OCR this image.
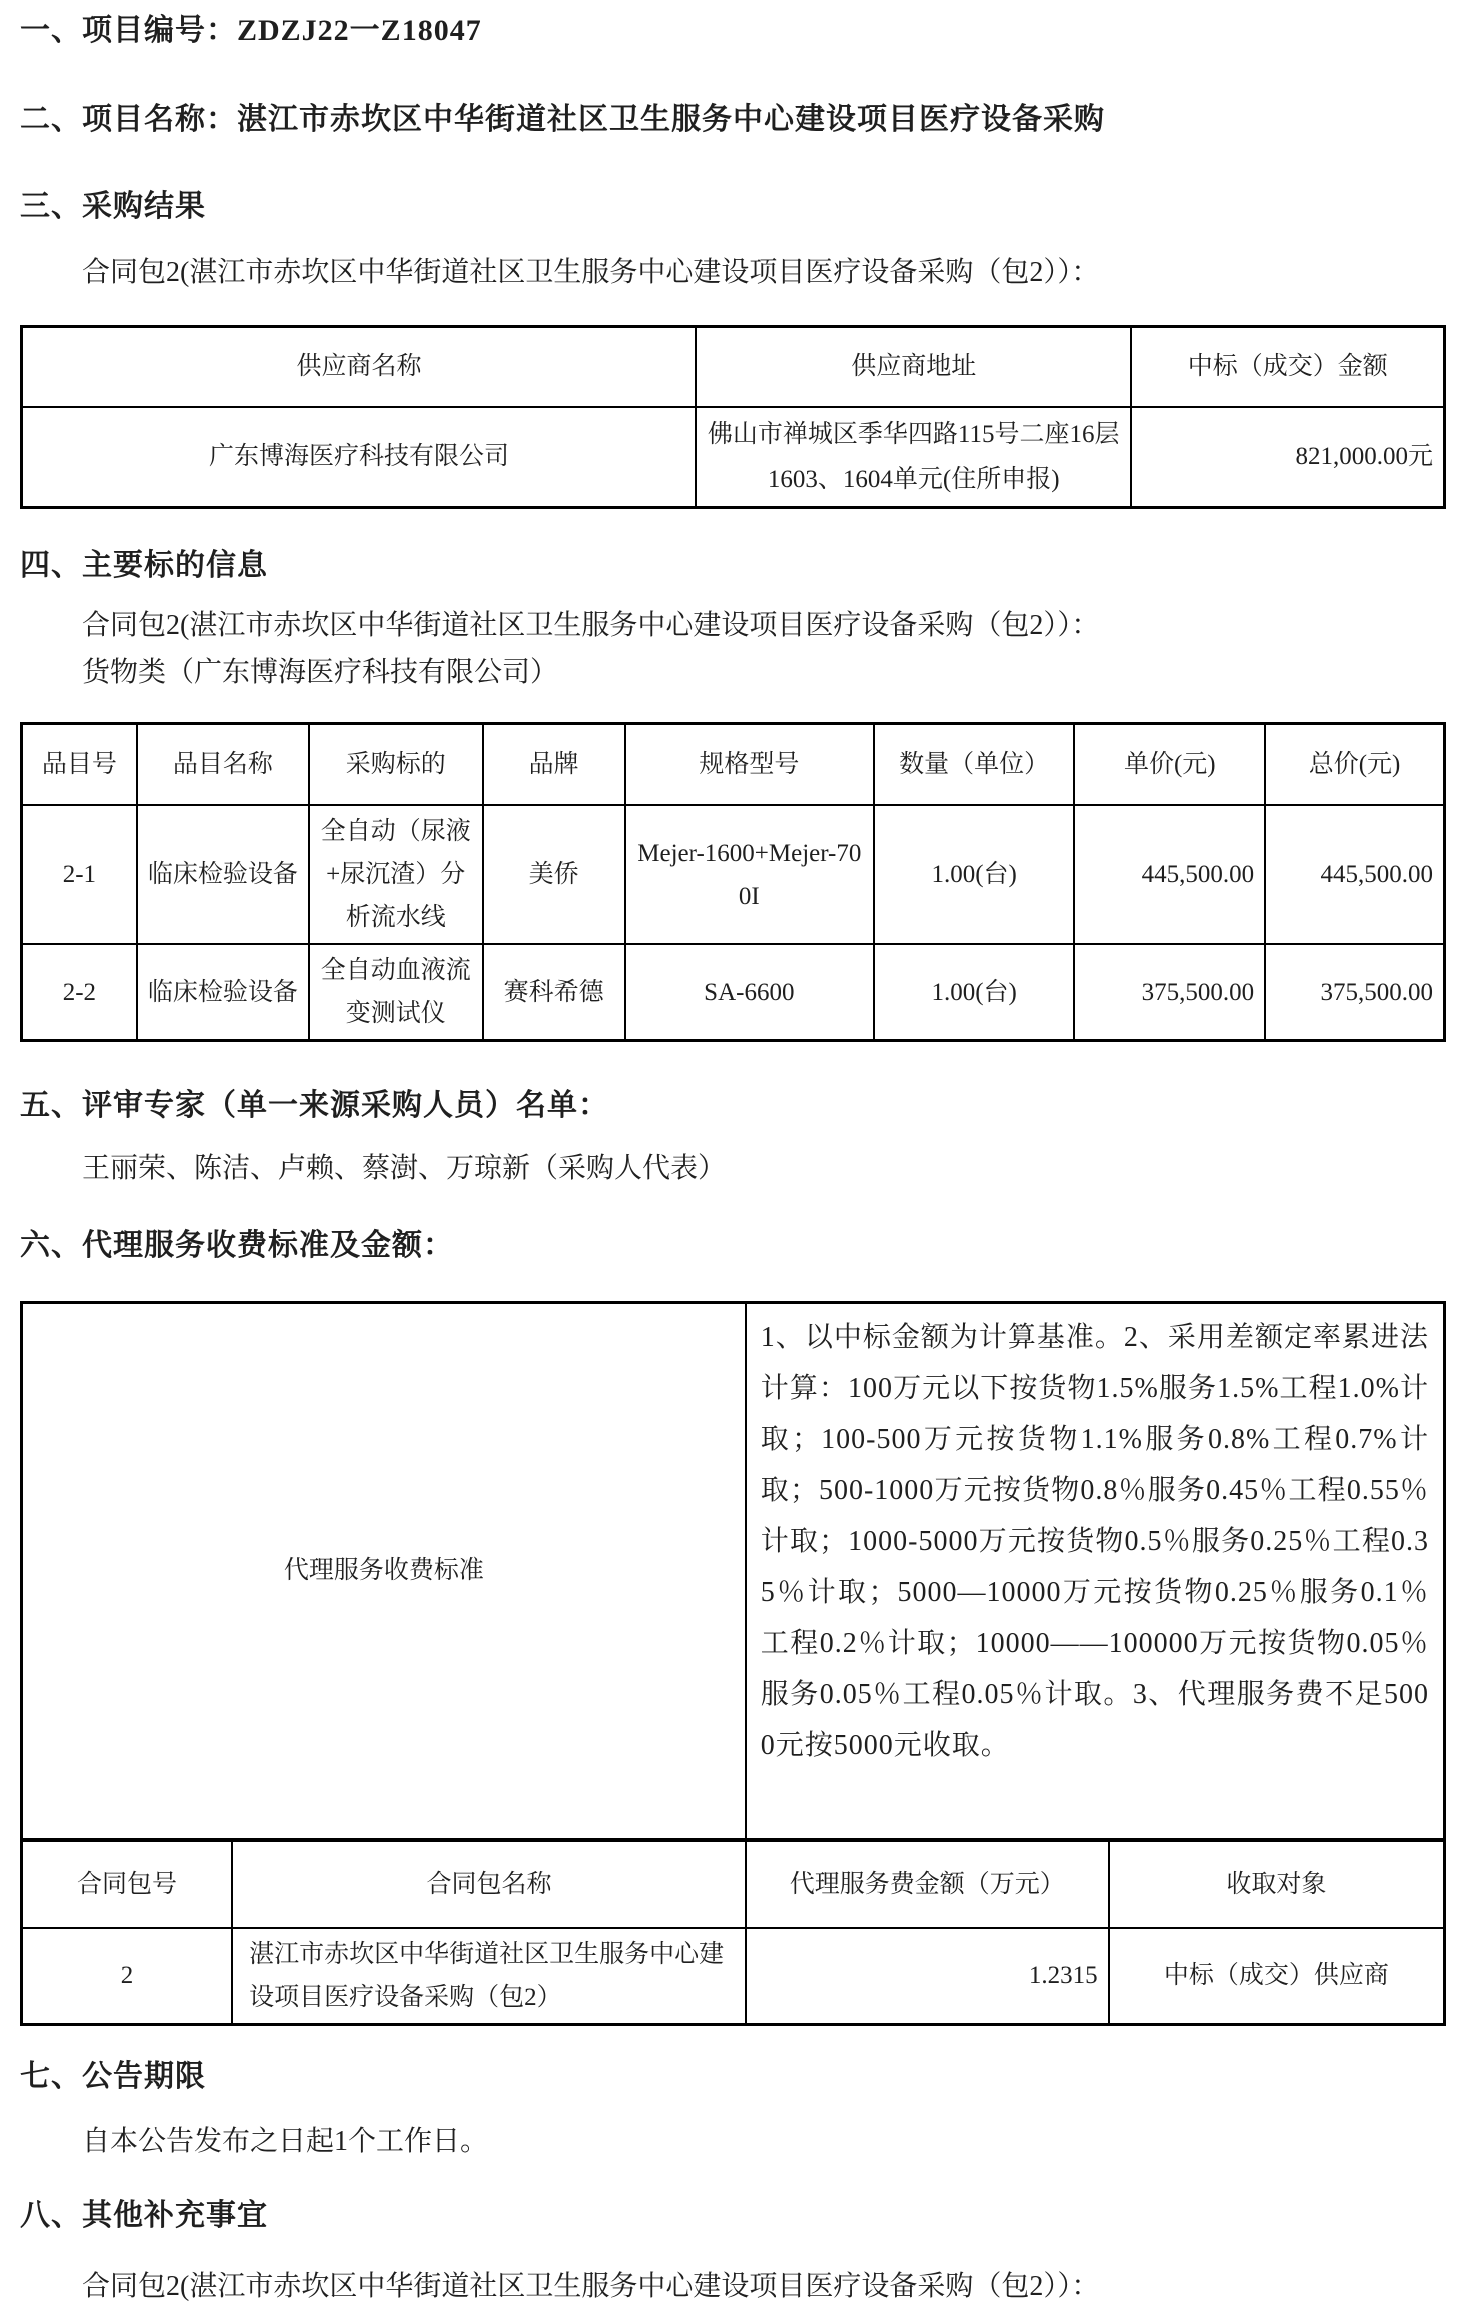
一、项目编号：ZDZJ22一Z18047
二、项目名称：湛江市赤坎区中华街道社区卫生服务中心建设项目医疗设备采购
三、采购结果

合同包2(湛江市赤坎区中华街道社区卫生服务中心建设项目医疗设备采购（包2））：

供应商名称	供应商地址	中标（成交）金额
广东博海医疗科技有限公司	佛山市禅城区季华四路115号二座16层1603、1604单元(住所申报)	821,000.00元
四、主要标的信息

合同包2(湛江市赤坎区中华街道社区卫生服务中心建设项目医疗设备采购（包2））：

货物类（广东博海医疗科技有限公司）

品目号	品目名称	采购标的	品牌	规格型号	数量（单位）	单价(元)	总价(元)
2-1	临床检验设备	全自动（尿液+尿沉渣）分析流水线	美侨	Mejer-1600+Mejer-700I	1.00(台)	445,500.00	445,500.00
2-2	临床检验设备	全自动血液流变测试仪	赛科希德	SA-6600	1.00(台)	375,500.00	375,500.00
五、评审专家（单一来源采购人员）名单：

王丽荣、陈洁、卢赖、蔡澍、万琼新（采购人代表）

六、代理服务收费标准及金额：
代理服务收费标准		1、以中标金额为计算基准。2、采用差额定率累进法计算：100万元以下按货物1.5%服务1.5%工程1.0%计取；100-500万元按货物1.1%服务0.8%工程0.7%计取；500-1000万元按货物0.8％服务0.45％工程0.55％计取；1000-5000万元按货物0.5％服务0.25％工程0.35％计取；5000—10000万元按货物0.25％服务0.1％工程0.2％计取；10000——100000万元按货物0.05％服务0.05％工程0.05％计取。3、代理服务费不足5000元按5000元收取。	
合同包号	合同包名称	代理服务费金额（万元）	收取对象
2	湛江市赤坎区中华街道社区卫生服务中心建设项目医疗设备采购（包2）	1.2315	中标（成交）供应商
七、公告期限

自本公告发布之日起1个工作日。

八、其他补充事宜

合同包2(湛江市赤坎区中华街道社区卫生服务中心建设项目医疗设备采购（包2））：
